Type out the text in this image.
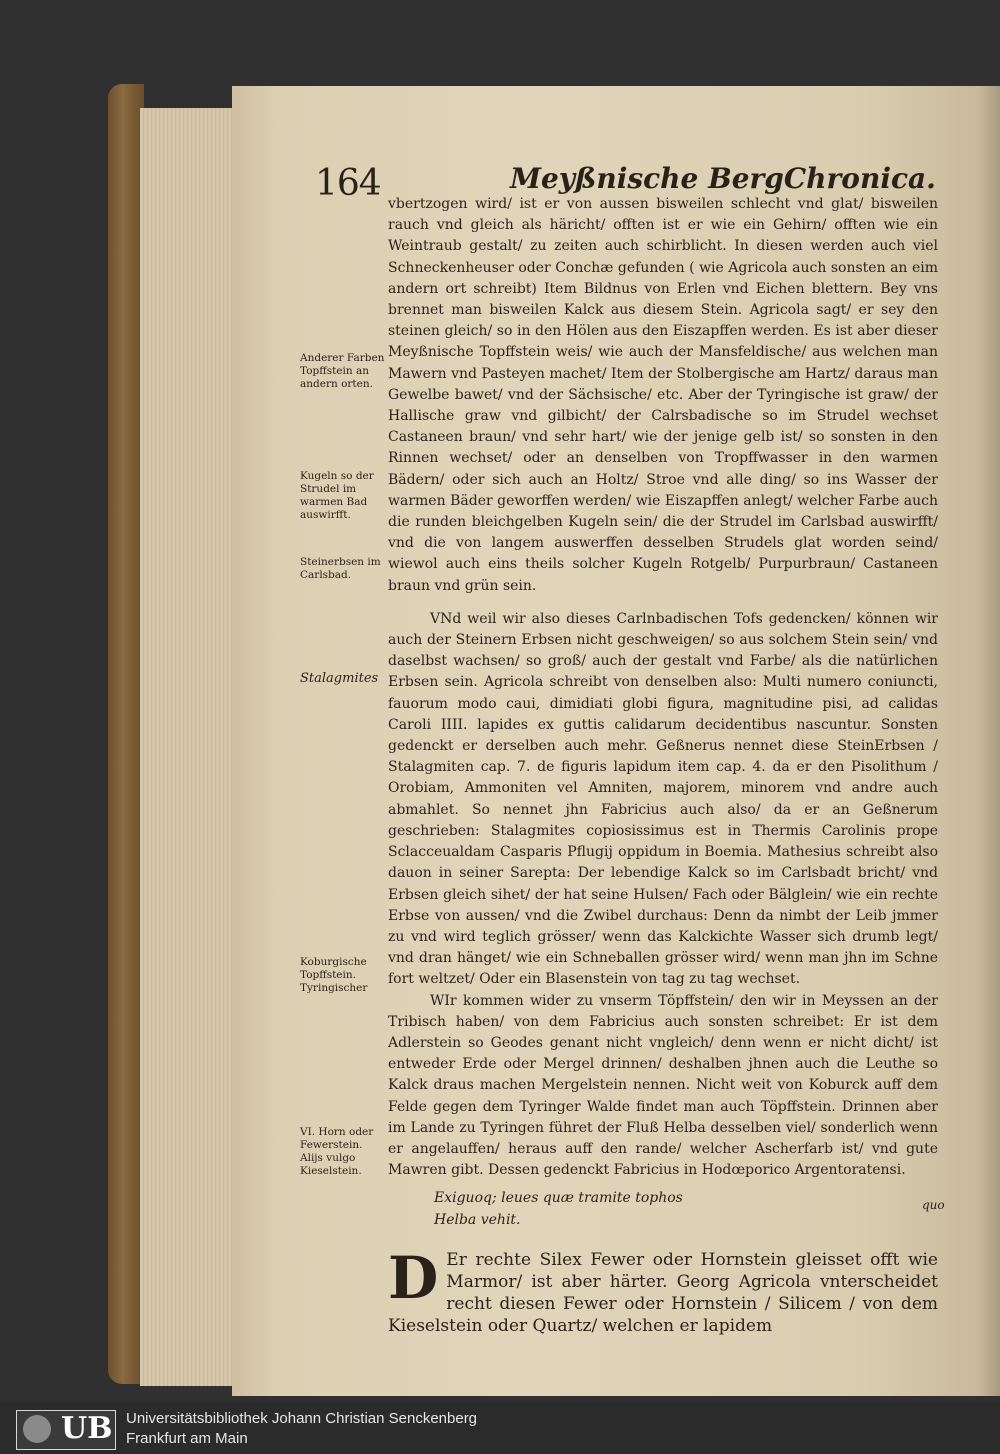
164	Meyßnische BergChronica.
Anderer Farben Topffstein an andern orten.
Kugeln so der Strudel im warmen Bad auswirfft.
Steinerbsen im Carlsbad.
Stalagmites
Koburgische Topffstein. Tyringischer
VI. Horn oder Fewerstein. Alijs vulgo Kieselstein.

vbertzogen wird/ ist er von aussen bisweilen schlecht vnd glat/ bisweilen rauch vnd gleich als häricht/ offten ist er wie ein Gehirn/ offten wie ein Weintraub gestalt/ zu zeiten auch schirblicht. In diesen werden auch viel Schneckenheuser oder Conchæ gefunden ( wie Agricola auch sonsten an eim andern ort schreibt) Item Bildnus von Erlen vnd Eichen blettern. Bey vns brennet man bisweilen Kalck aus diesem Stein. Agricola sagt/ er sey den steinen gleich/ so in den Hölen aus den Eiszapffen werden. Es ist aber dieser Meyßnische Topffstein weis/ wie auch der Mansfeldische/ aus welchen man Mawern vnd Pasteyen machet/ Item der Stolbergische am Hartz/ daraus man Gewelbe bawet/ vnd der Sächsische/ etc. Aber der Tyringische ist graw/ der Hallische graw vnd gilbicht/ der Calrsbadische so im Strudel wechset Castaneen braun/ vnd sehr hart/ wie der jenige gelb ist/ so sonsten in den Rinnen wechset/ oder an denselben von Tropffwasser in den warmen Bädern/ oder sich auch an Holtz/ Stroe vnd alle ding/ so ins Wasser der warmen Bäder geworffen werden/ wie Eiszapffen anlegt/ welcher Farbe auch die runden bleichgelben Kugeln sein/ die der Strudel im Carlsbad auswirfft/ vnd die von langem auswerffen desselben Strudels glat worden seind/ wiewol auch eins theils solcher Kugeln Rotgelb/ Purpurbraun/ Castaneen braun vnd grün sein.

VNd weil wir also dieses Carlnbadischen Tofs gedencken/ können wir auch der Steinern Erbsen nicht geschweigen/ so aus solchem Stein sein/ vnd daselbst wachsen/ so groß/ auch der gestalt vnd Farbe/ als die natürlichen Erbsen sein. Agricola schreibt von denselben also: Multi numero coniuncti, fauorum modo caui, dimidiati globi figura, magnitudine pisi, ad calidas Caroli IIII. lapides ex guttis calidarum decidentibus nascuntur. Sonsten gedenckt er derselben auch mehr. Geßnerus nennet diese SteinErbsen / Stalagmiten cap. 7. de figuris lapidum item cap. 4. da er den Pisolithum / Orobiam, Ammoniten vel Amniten, majorem, minorem vnd andre auch abmahlet. So nennet jhn Fabricius auch also/ da er an Geßnerum geschrieben: Stalagmites copiosissimus est in Thermis Carolinis prope Sclacceualdam Casparis Pflugij oppidum in Boemia. Mathesius schreibt also dauon in seiner Sarepta: Der lebendige Kalck so im Carlsbadt bricht/ vnd Erbsen gleich sihet/ der hat seine Hulsen/ Fach oder Bälglein/ wie ein rechte Erbse von aussen/ vnd die Zwibel durchaus: Denn da nimbt der Leib jmmer zu vnd wird teglich grösser/ wenn das Kalckichte Wasser sich drumb legt/ vnd dran hänget/ wie ein Schneballen grösser wird/ wenn man jhn im Schne fort weltzet/ Oder ein Blasenstein von tag zu tag wechset.

WIr kommen wider zu vnserm Töpffstein/ den wir in Meyssen an der Tribisch haben/ von dem Fabricius auch sonsten schreibet: Er ist dem Adlerstein so Geodes genant nicht vngleich/ denn wenn er nicht dicht/ ist entweder Erde oder Mergel drinnen/ deshalben jhnen auch die Leuthe so Kalck draus machen Mergelstein nennen. Nicht weit von Koburck auff dem Felde gegen dem Tyringer Walde findet man auch Töpffstein. Drinnen aber im Lande zu Tyringen führet der Fluß Helba desselben viel/ sonderlich wenn er angelauffen/ heraus auff den rande/ welcher Ascherfarb ist/ vnd gute Mawren gibt. Dessen gedenckt Fabricius in Hodœporico Argentoratensi.

Exiguoq; leues quæ tramite tophos
Helba vehit.

D Er rechte Silex Fewer oder Hornstein gleisset offt wie Marmor/ ist aber härter. Georg Agricola vnterscheidet recht diesen Fewer oder Hornstein / Silicem / von dem Kieselstein oder Quartz/ welchen er lapidem

quo
UB Universitätsbibliothek Johann Christian Senckenberg
Frankfurt am Main
